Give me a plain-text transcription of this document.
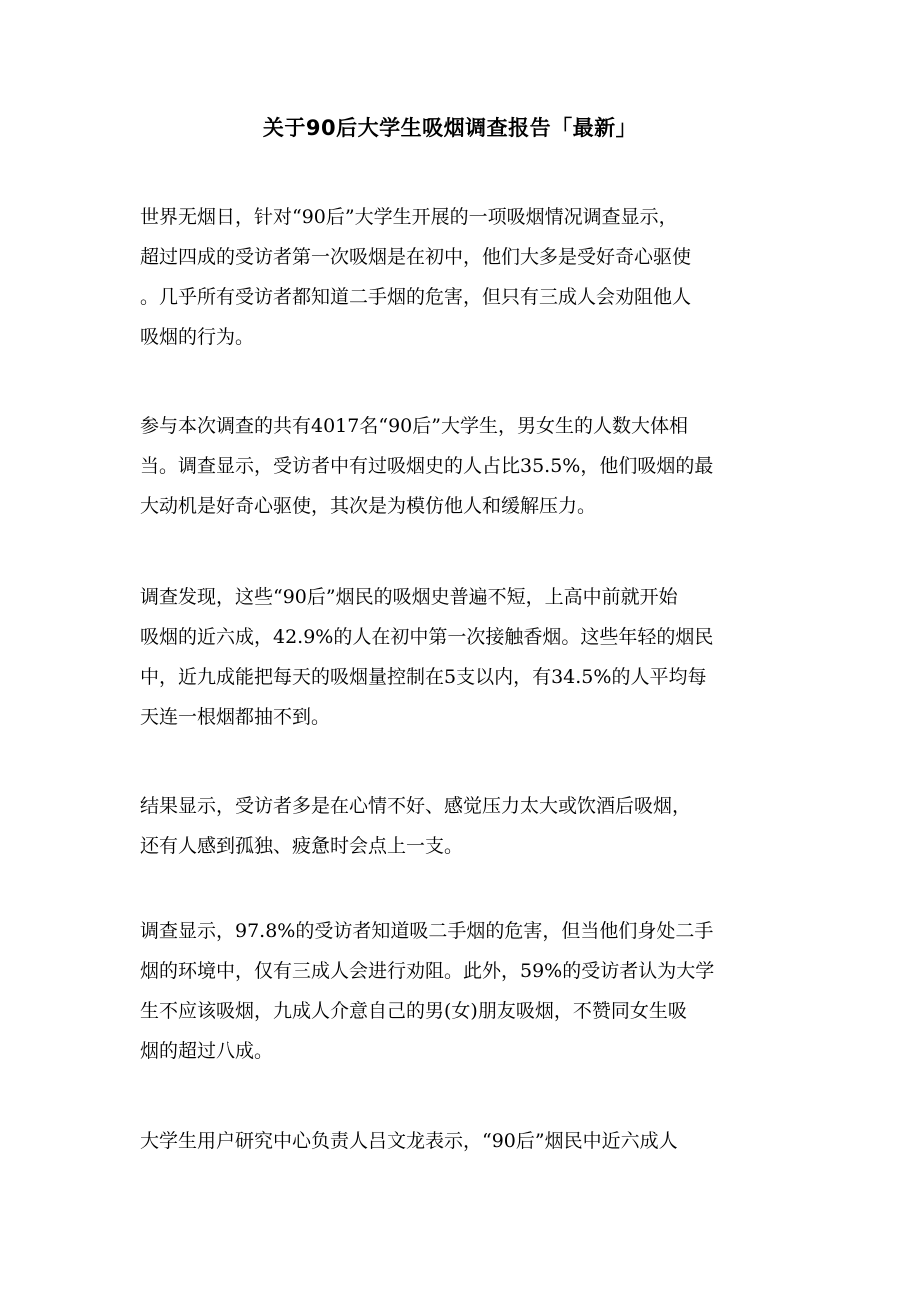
关于90后大学生吸烟调查报告「最新」
世界无烟日，针对“90后”大学生开展的一项吸烟情况调查显示，
超过四成的受访者第一次吸烟是在初中，他们大多是受好奇心驱使
。几乎所有受访者都知道二手烟的危害，但只有三成人会劝阻他人
吸烟的行为。
参与本次调查的共有4017名“90后”大学生，男女生的人数大体相
当。调查显示，受访者中有过吸烟史的人占比35.5%，他们吸烟的最
大动机是好奇心驱使，其次是为模仿他人和缓解压力。
调查发现，这些“90后”烟民的吸烟史普遍不短，上高中前就开始
吸烟的近六成，42.9%的人在初中第一次接触香烟。这些年轻的烟民
中，近九成能把每天的吸烟量控制在5支以内，有34.5%的人平均每
天连一根烟都抽不到。
结果显示，受访者多是在心情不好、感觉压力太大或饮酒后吸烟，
还有人感到孤独、疲惫时会点上一支。
调查显示，97.8%的受访者知道吸二手烟的危害，但当他们身处二手
烟的环境中，仅有三成人会进行劝阻。此外，59%的受访者认为大学
生不应该吸烟，九成人介意自己的男(女)朋友吸烟，不赞同女生吸
烟的超过八成。
大学生用户研究中心负责人吕文龙表示，“90后”烟民中近六成人
